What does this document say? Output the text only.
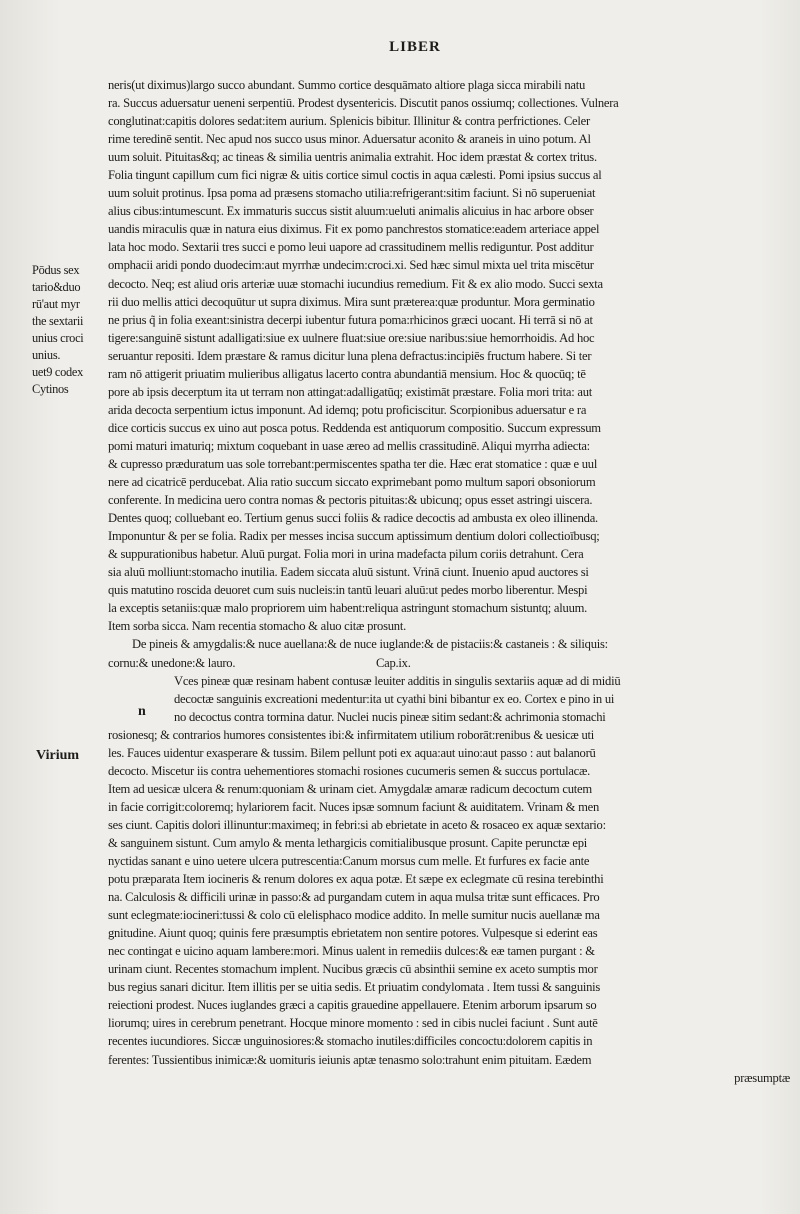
LIBER
Pōdus sex
tario&duo
rū'aut myr
the sextarii
unius croci
unius.
uet9 codex
Cytinos
n
Virium
neris(ut diximus)largo succo abundant. Summo cortice desquāmato altiore plaga sicca mirabili natu
ra. Succus aduersatur ueneni serpentiū. Prodest dysentericis. Discutit panos ossiumq; collectiones. Vulnera
conglutinat:capitis dolores sedat:item aurium. Splenicis bibitur. Illinitur & contra perfrictiones. Celer
rime teredinē sentit. Nec apud nos succo usus minor. Aduersatur aconito & araneis in uino potum. Al
uum soluit. Pituitas&q; ac tineas & similia uentris animalia extrahit. Hoc idem præstat & cortex tritus.
Folia tingunt capillum cum fici nigræ & uitis cortice simul coctis in aqua cælesti. Pomi ipsius succus al
uum soluit protinus. Ipsa poma ad præsens stomacho utilia:refrigerant:sitim faciunt. Si nō superueniat
alius cibus:intumescunt. Ex immaturis succus sistit aluum:ueluti animalis alicuius in hac arbore obser
uandis miraculis quæ in natura eius diximus. Fit ex pomo panchrestos stomatice:eadem arteriace appel
lata hoc modo. Sextarii tres succi e pomo leui uapore ad crassitudinem mellis rediguntur. Post additur
omphacii aridi pondo duodecim:aut myrrhæ undecim:croci.xi. Sed hæc simul mixta uel trita miscētur
decocto. Neq; est aliud oris arteriæ uuæ stomachi iucundius remedium. Fit & ex alio modo. Succi sexta
rii duo mellis attici decoquūtur ut supra diximus. Mira sunt præterea:quæ produntur. Mora germinatio
ne prius q̃ in folia exeant:sinistra decerpi iubentur futura poma:rhicinos græci uocant. Hi terrā si nō at
tigere:sanguinē sistunt adalligati:siue ex uulnere fluat:siue ore:siue naribus:siue hemorrhoidis. Ad hoc
seruantur repositi. Idem præstare & ramus dicitur luna plena defractus:incipiēs fructum habere. Si ter
ram nō attigerit priuatim mulieribus alligatus lacerto contra abundantiā mensium. Hoc & quocūq; tē
pore ab ipsis decerptum ita ut terram non attingat:adalligatūq; existimāt præstare. Folia mori trita: aut
arida decocta serpentium ictus imponunt. Ad idemq; potu proficiscitur. Scorpionibus aduersatur e ra
dice corticis succus ex uino aut posca potus. Reddenda est antiquorum compositio. Succum expressum
pomi maturi imaturiq; mixtum coquebant in uase æreo ad mellis crassitudinē. Aliqui myrrha adiecta:
& cupresso præduratum uas sole torrebant:permiscentes spatha ter die. Hæc erat stomatice : quæ e uul
nere ad cicatricē perducebat. Alia ratio succum siccato exprimebant pomo multum sapori obsoniorum
conferente. In medicina uero contra nomas & pectoris pituitas:& ubicunq; opus esset astringi uiscera.
Dentes quoq; colluebant eo. Tertium genus succi foliis & radice decoctis ad ambusta ex oleo illinenda.
Imponuntur & per se folia. Radix per messes incisa succum aptissimum dentium dolori collectioībusq;
& suppurationibus habetur. Aluū purgat. Folia mori in urina madefacta pilum coriis detrahunt. Cera
sia aluū molliunt:stomacho inutilia. Eadem siccata aluū sistunt. Vrinā ciunt. Inuenio apud auctores si
quis matutino roscida deuoret cum suis nucleis:in tantū leuari aluū:ut pedes morbo liberentur. Mespi
la exceptis setaniis:quæ malo propriorem uim habent:reliqua astringunt stomachum sistuntq; aluum.
Item sorba sicca. Nam recentia stomacho & aluo citæ prosunt.
De pineis & amygdalis:& nuce auellana:& de nuce iuglande:& de pistaciis:& castaneis : & siliquis:
cornu:& unedone:& lauro.	Cap.ix.
Vces pineæ quæ resinam habent contusæ leuiter additis in singulis sextariis aquæ ad di midiū
decoctæ sanguinis excreationi medentur:ita ut cyathi bini bibantur ex eo. Cortex e pino in ui
no decoctus contra tormina datur. Nuclei nucis pineæ sitim sedant:& achrimonia stomachi
rosionesq; & contrarios humores consistentes ibi:& infirmitatem utilium roborāt:renibus & uesicæ uti
les. Fauces uidentur exasperare & tussim. Bilem pellunt poti ex aqua:aut uino:aut passo : aut balanorū
decocto. Miscetur iis contra uehementiores stomachi rosiones cucumeris semen & succus portulacæ.
Item ad uesicæ ulcera & renum:quoniam & urinam ciet. Amygdalæ amaræ radicum decoctum cutem
in facie corrigit:coloremq; hylariorem facit. Nuces ipsæ somnum faciunt & auiditatem. Vrinam & men
ses ciunt. Capitis dolori illinuntur:maximeq; in febri:si ab ebrietate in aceto & rosaceo ex aquæ sextario:
& sanguinem sistunt. Cum amylo & menta lethargicis comitialibusque prosunt. Capite perunctæ epi
nyctidas sanant e uino uetere ulcera putrescentia:Canum morsus cum melle. Et furfures ex facie ante
potu præparata Item iocineris & renum dolores ex aqua potæ. Et sæpe ex eclegmate cū resina terebinthi
na. Calculosis & difficili urinæ in passo:& ad purgandam cutem in aqua mulsa tritæ sunt efficaces. Pro
sunt eclegmate:iocineri:tussi & colo cū elelisphaco modice addito. In melle sumitur nucis auellanæ ma
gnitudine. Aiunt quoq; quinis fere præsumptis ebrietatem non sentire potores. Vulpesque si ederint eas
nec contingat e uicino aquam lambere:mori. Minus ualent in remediis dulces:& eæ tamen purgant : &
urinam ciunt. Recentes stomachum implent. Nucibus græcis cū absinthii semine ex aceto sumptis mor
bus regius sanari dicitur. Item illitis per se uitia sedis. Et priuatim condylomata . Item tussi & sanguinis
reiectioni prodest. Nuces iuglandes græci a capitis grauedine appellauere. Etenim arborum ipsarum so
liorumq; uires in cerebrum penetrant. Hocque minore momento : sed in cibis nuclei faciunt . Sunt autē
recentes iucundiores. Siccæ unguinosiores:& stomacho inutiles:difficiles concoctu:dolorem capitis in
ferentes: Tussientibus inimicæ:& uomituris ieiunis aptæ tenasmo solo:trahunt enim pituitam. Eædem
præsumptæ
